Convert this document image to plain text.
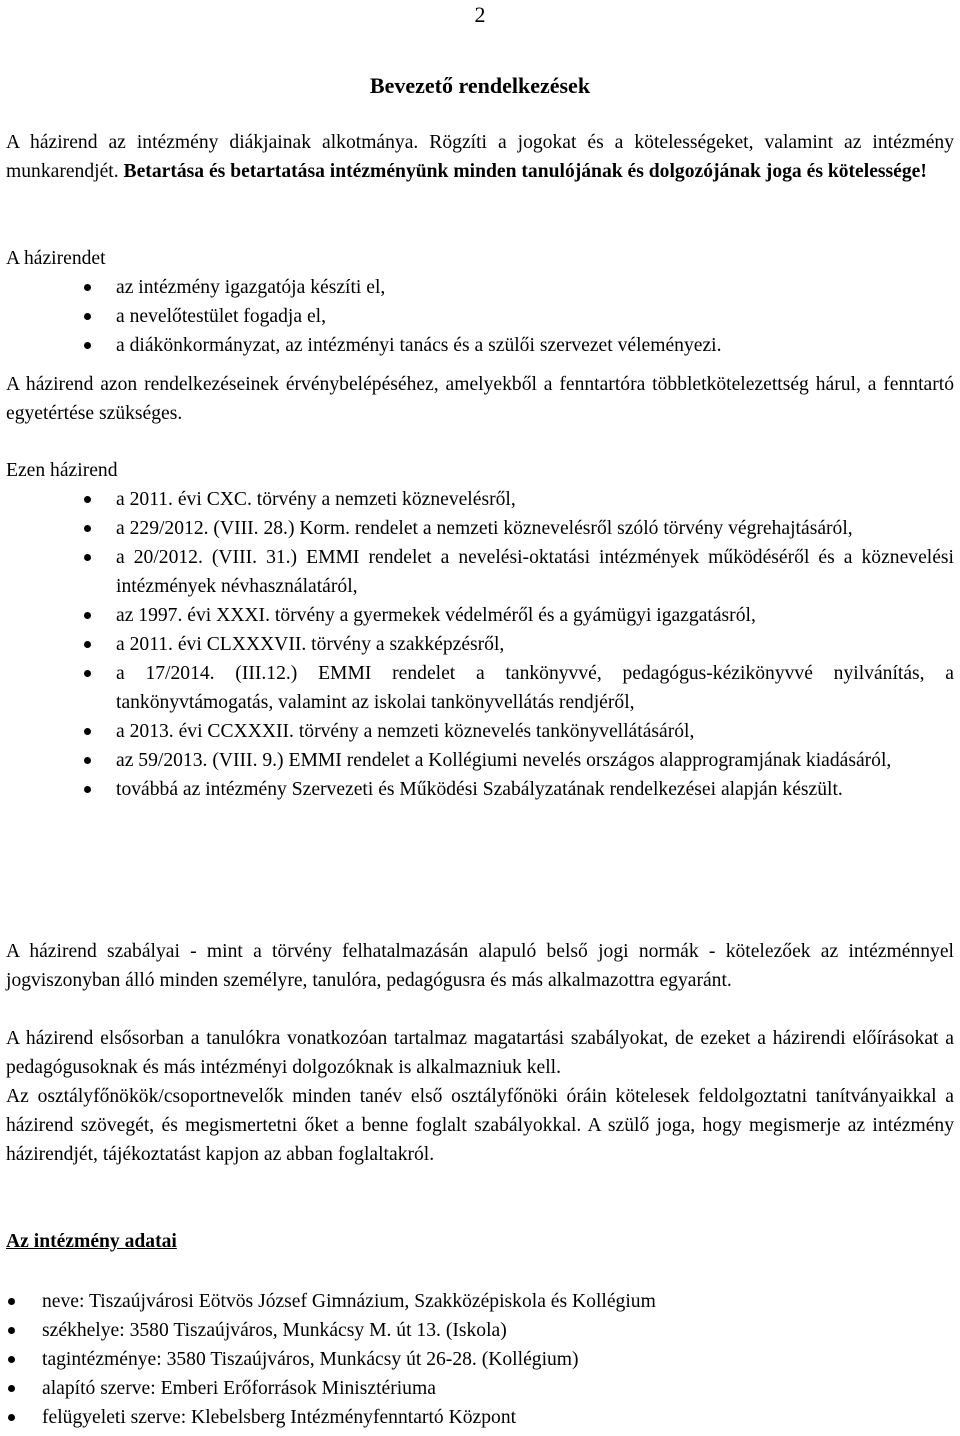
2
Bevezető rendelkezések
A házirend az intézmény diákjainak alkotmánya. Rögzíti a jogokat és a kötelességeket, valamint az intézmény munkarendjét. Betartása és betartatása intézményünk minden tanulójának és dolgozójának joga és kötelessége!
A házirendet
az intézmény igazgatója készíti el,
a nevelőtestület fogadja el,
a diákönkormányzat, az intézményi tanács és a szülői szervezet véleményezi.
A házirend azon rendelkezéseinek érvénybelépéséhez, amelyekből a fenntartóra többletkötelezettség hárul, a fenntartó egyetértése szükséges.
Ezen házirend
a 2011. évi CXC. törvény a nemzeti köznevelésről,
a 229/2012. (VIII. 28.) Korm. rendelet a nemzeti köznevelésről szóló törvény végrehajtásáról,
a 20/2012. (VIII. 31.) EMMI rendelet a nevelési-oktatási intézmények működéséről és a köznevelési intézmények névhasználatáról,
az 1997. évi XXXI. törvény a gyermekek védelméről és a gyámügyi igazgatásról,
a 2011. évi CLXXXVII. törvény a szakképzésről,
a 17/2014. (III.12.) EMMI rendelet a tankönyvvé, pedagógus-kézikönyvvé nyilvánítás, a tankönyvtámogatás, valamint az iskolai tankönyvellátás rendjéről,
a 2013. évi CCXXXII. törvény a nemzeti köznevelés tankönyvellátásáról,
az 59/2013. (VIII. 9.) EMMI rendelet a Kollégiumi nevelés országos alapprogramjának kiadásáról,
továbbá az intézmény Szervezeti és Működési Szabályzatának rendelkezései alapján készült.
A házirend szabályai - mint a törvény felhatalmazásán alapuló belső jogi normák - kötelezőek az intézménnyel jogviszonyban álló minden személyre, tanulóra, pedagógusra és más alkalmazottra egyaránt.
A házirend elsősorban a tanulókra vonatkozóan tartalmaz magatartási szabályokat, de ezeket a házirendi előírásokat a pedagógusoknak és más intézményi dolgozóknak is alkalmazniuk kell.
Az osztályfőnökök/csoportnevelők minden tanév első osztályfőnöki óráin kötelesek feldolgoztatni tanítványaikkal a házirend szövegét, és megismertetni őket a benne foglalt szabályokkal. A szülő joga, hogy megismerje az intézmény házirendjét, tájékoztatást kapjon az abban foglaltakról.
Az intézmény adatai
neve: Tiszaújvárosi Eötvös József Gimnázium, Szakközépiskola és Kollégium
székhelye: 3580 Tiszaújváros, Munkácsy M. út 13. (Iskola)
tagintézménye: 3580 Tiszaújváros, Munkácsy út 26-28. (Kollégium)
alapító szerve: Emberi Erőforrások Minisztériuma
felügyeleti szerve: Klebelsberg Intézményfenntartó Központ
